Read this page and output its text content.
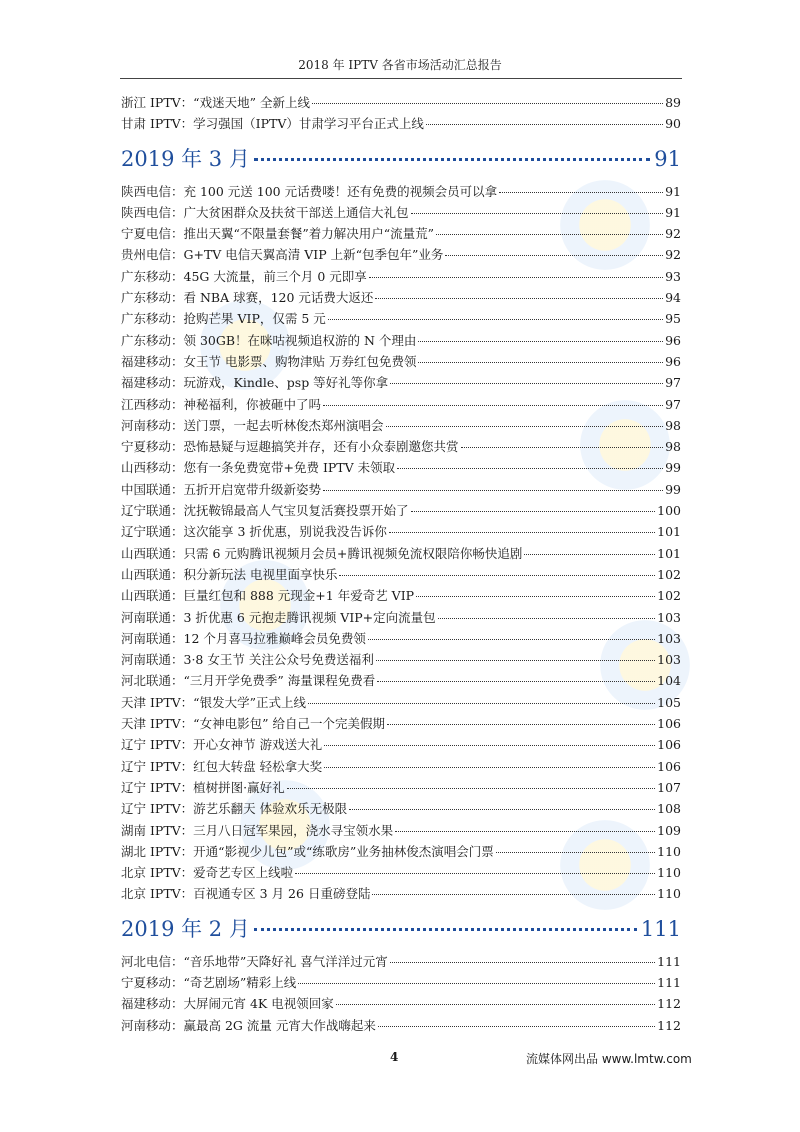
2018 年 IPTV 各省市场活动汇总报告
浙江 IPTV：“戏迷天地” 全新上线	89
甘肃 IPTV：学习强国（IPTV）甘肃学习平台正式上线	90
2019 年 3 月	91
陕西电信：充 100 元送 100 元话费喽！还有免费的视频会员可以拿	91
陕西电信：广大贫困群众及扶贫干部送上通信大礼包	91
宁夏电信：推出天翼“不限量套餐”着力解决用户“流量荒”	92
贵州电信：G+TV 电信天翼高清 VIP 上新“包季包年”业务	92
广东移动：45G 大流量，前三个月 0 元即享	93
广东移动：看 NBA 球赛，120 元话费大返还	94
广东移动：抢购芒果 VIP，仅需 5 元	95
广东移动：领 30GB！在咪咕视频追权游的 N 个理由	96
福建移动：女王节 电影票、购物津贴 万券红包免费领	96
福建移动：玩游戏，Kindle、psp 等好礼等你拿	97
江西移动：神秘福利，你被砸中了吗	97
河南移动：送门票，一起去听林俊杰郑州演唱会	98
宁夏移动：恐怖悬疑与逗趣搞笑并存，还有小众泰剧邀您共赏	98
山西移动：您有一条免费宽带+免费 IPTV 未领取	99
中国联通：五折开启宽带升级新姿势	99
辽宁联通：沈抚鞍锦最高人气宝贝复活赛投票开始了	100
辽宁联通：这次能享 3 折优惠，别说我没告诉你	101
山西联通：只需 6 元购腾讯视频月会员+腾讯视频免流权限陪你畅快追剧	101
山西联通：积分新玩法 电视里面享快乐	102
山西联通：巨量红包和 888 元现金+1 年爱奇艺 VIP	102
河南联通：3 折优惠 6 元抱走腾讯视频 VIP+定向流量包	103
河南联通：12 个月喜马拉雅巅峰会员免费领	103
河南联通：3·8 女王节 关注公众号免费送福利	103
河北联通：“三月开学免费季” 海量课程免费看	104
天津 IPTV：“银发大学”正式上线	105
天津 IPTV：“女神电影包” 给自己一个完美假期	106
辽宁 IPTV：开心女神节 游戏送大礼	106
辽宁 IPTV：红包大转盘 轻松拿大奖	106
辽宁 IPTV：植树拼图·赢好礼	107
辽宁 IPTV：游艺乐翻天 体验欢乐无极限	108
湖南 IPTV：三月八日冠军果园，浇水寻宝领水果	109
湖北 IPTV：开通“影视少儿包”或“练歌房”业务抽林俊杰演唱会门票	110
北京 IPTV：爱奇艺专区上线啦	110
北京 IPTV：百视通专区 3 月 26 日重磅登陆	110
2019 年 2 月	111
河北电信：“音乐地带”天降好礼 喜气洋洋过元宵	111
宁夏移动：“奇艺剧场”精彩上线	111
福建移动：大屏闹元宵 4K 电视领回家	112
河南移动：赢最高 2G 流量 元宵大作战嗨起来	112
4	流媒体网出品 www.lmtw.com
